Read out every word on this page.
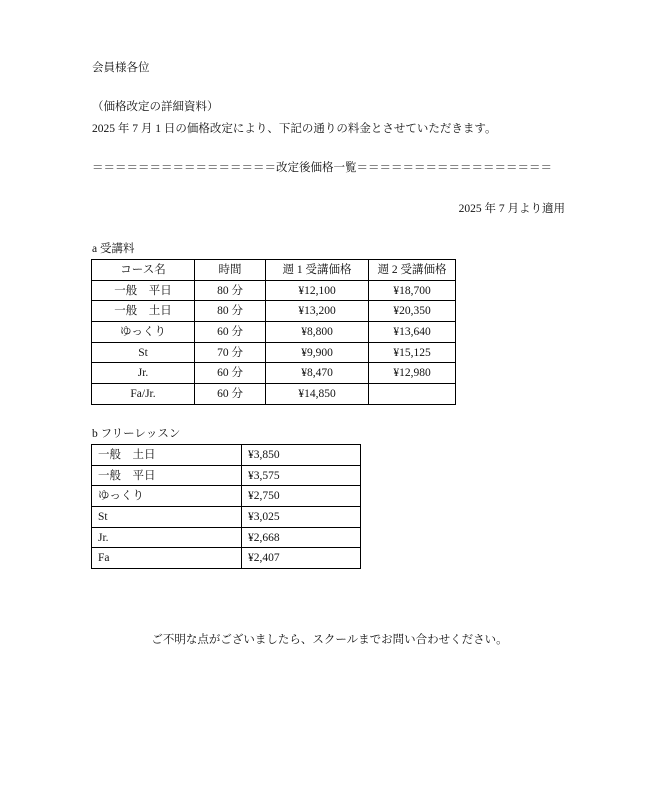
会員様各位
（価格改定の詳細資料）
2025 年 7 月 1 日の価格改定により、下記の通りの料金とさせていただきます。
＝＝＝＝＝＝＝＝＝＝＝＝＝＝＝＝改定後価格一覧＝＝＝＝＝＝＝＝＝＝＝＝＝＝＝＝＝
2025 年 7 月より適用
a 受講料
コース名	時間	週 1 受講価格	週 2 受講価格
一般　平日	80 分	¥12,100	¥18,700
一般　土日	80 分	¥13,200	¥20,350
ゆっくり	60 分	¥8,800	¥13,640
St	70 分	¥9,900	¥15,125
Jr.	60 分	¥8,470	¥12,980
Fa/Jr.	60 分	¥14,850	
b フリーレッスン
一般　土日	¥3,850
一般　平日	¥3,575
ゆっくり	¥2,750
St	¥3,025
Jr.	¥2,668
Fa	¥2,407
ご不明な点がございましたら、スクールまでお問い合わせください。
